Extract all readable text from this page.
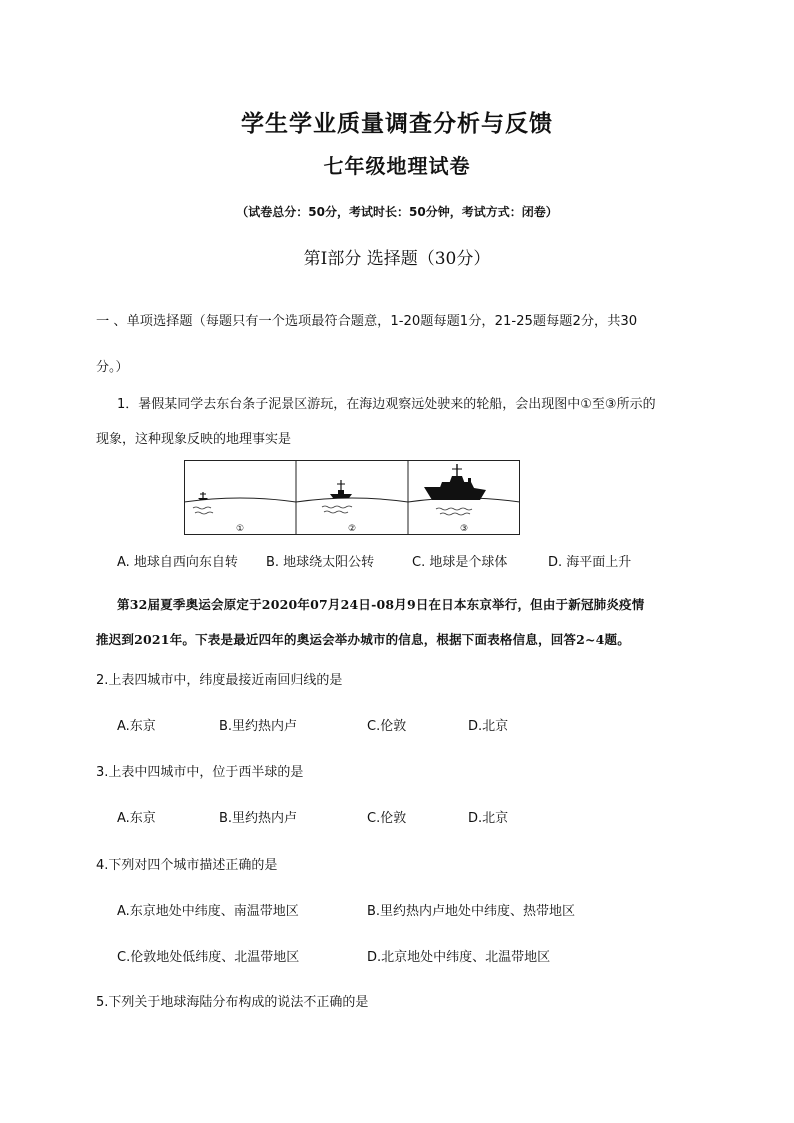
学生学业质量调查分析与反馈
七年级地理试卷
（试卷总分：50分，考试时长：50分钟，考试方式：闭卷）
第Ⅰ部分 选择题（30分）
一 、单项选择题（每题只有一个选项最符合题意，1-20题每题1分，21-25题每题2分，共30
分。）
1．暑假某同学去东台条子泥景区游玩，在海边观察远处驶来的轮船，会出现图中①至③所示的
现象，这种现象反映的地理事实是
①	②	③
A. 地球自西向东自转 B. 地球绕太阳公转	C. 地球是个球体	D. 海平面上升
第32届夏季奥运会原定于2020年07月24日-08月9日在日本东京举行，但由于新冠肺炎疫情
推迟到2021年。下表是最近四年的奥运会举办城市的信息，根据下面表格信息，回答2~4题。
2.上表四城市中，纬度最接近南回归线的是
A.东京	B.里约热内卢	C.伦敦	D.北京
3.上表中四城市中，位于西半球的是
A.东京	B.里约热内卢	C.伦敦	D.北京
4.下列对四个城市描述正确的是
A.东京地处中纬度、南温带地区	B.里约热内卢地处中纬度、热带地区
C.伦敦地处低纬度、北温带地区	D.北京地处中纬度、北温带地区
5.下列关于地球海陆分布构成的说法不正确的是
